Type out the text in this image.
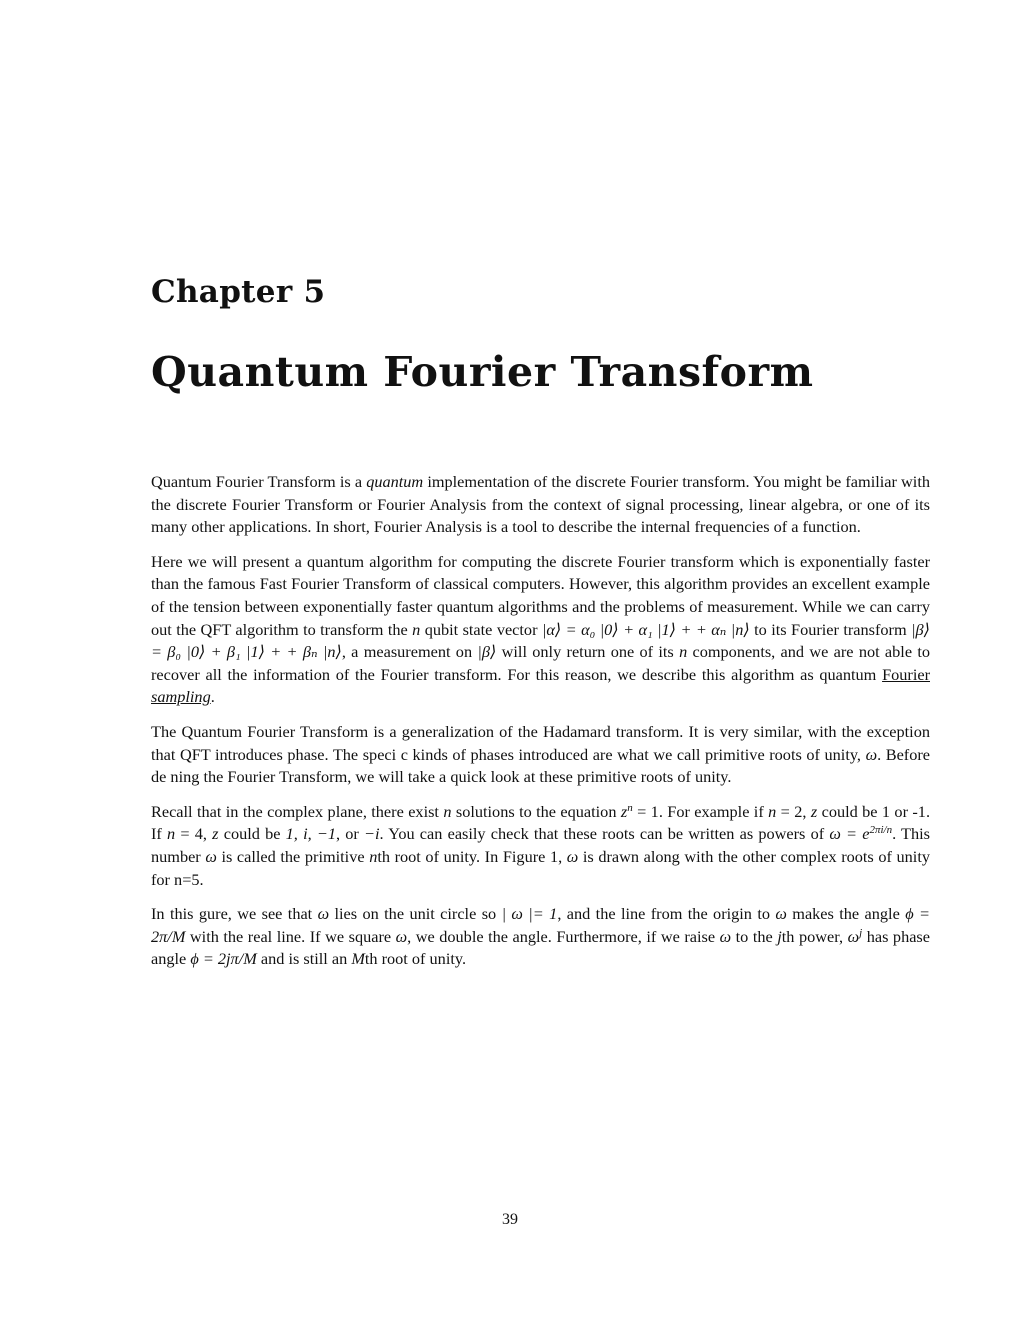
Chapter 5
Quantum Fourier Transform

Quantum Fourier Transform is a quantum implementation of the discrete Fourier transform. You might be familiar with the discrete Fourier Transform or Fourier Analysis from the context of signal processing, linear algebra, or one of its many other applications. In short, Fourier Analysis is a tool to describe the internal frequencies of a function.

Here we will present a quantum algorithm for computing the discrete Fourier transform which is exponentially faster than the famous Fast Fourier Transform of classical computers. However, this algorithm provides an excellent example of the tension between exponentially faster quantum algorithms and the problems of measurement. While we can carry out the QFT algorithm to transform the n qubit state vector |α⟩ = α₀ |0⟩ + α₁ |1⟩ + + αₙ |n⟩ to its Fourier transform |β⟩ = β₀ |0⟩ + β₁ |1⟩ + + βₙ |n⟩, a measurement on |β⟩ will only return one of its n components, and we are not able to recover all the information of the Fourier transform. For this reason, we describe this algorithm as quantum Fourier sampling.

The Quantum Fourier Transform is a generalization of the Hadamard transform. It is very similar, with the exception that QFT introduces phase. The speci c kinds of phases introduced are what we call primitive roots of unity, ω. Before de ning the Fourier Transform, we will take a quick look at these primitive roots of unity.

Recall that in the complex plane, there exist n solutions to the equation $z^n = 1$. For example if n = 2, z could be 1 or -1. If n = 4, z could be 1, i, −1, or −i. You can easily check that these roots can be written as powers of $\omega = e^{2\pi i/n}$. This number ω is called the primitive nth root of unity. In Figure 1, ω is drawn along with the other complex roots of unity for n=5.

In this gure, we see that ω lies on the unit circle so | ω |= 1, and the line from the origin to ω makes the angle ϕ = 2π/M with the real line. If we square ω, we double the angle. Furthermore, if we raise ω to the jth power, $\omega^j$ has phase angle ϕ = 2jπ/M and is still an Mth root of unity.

39
